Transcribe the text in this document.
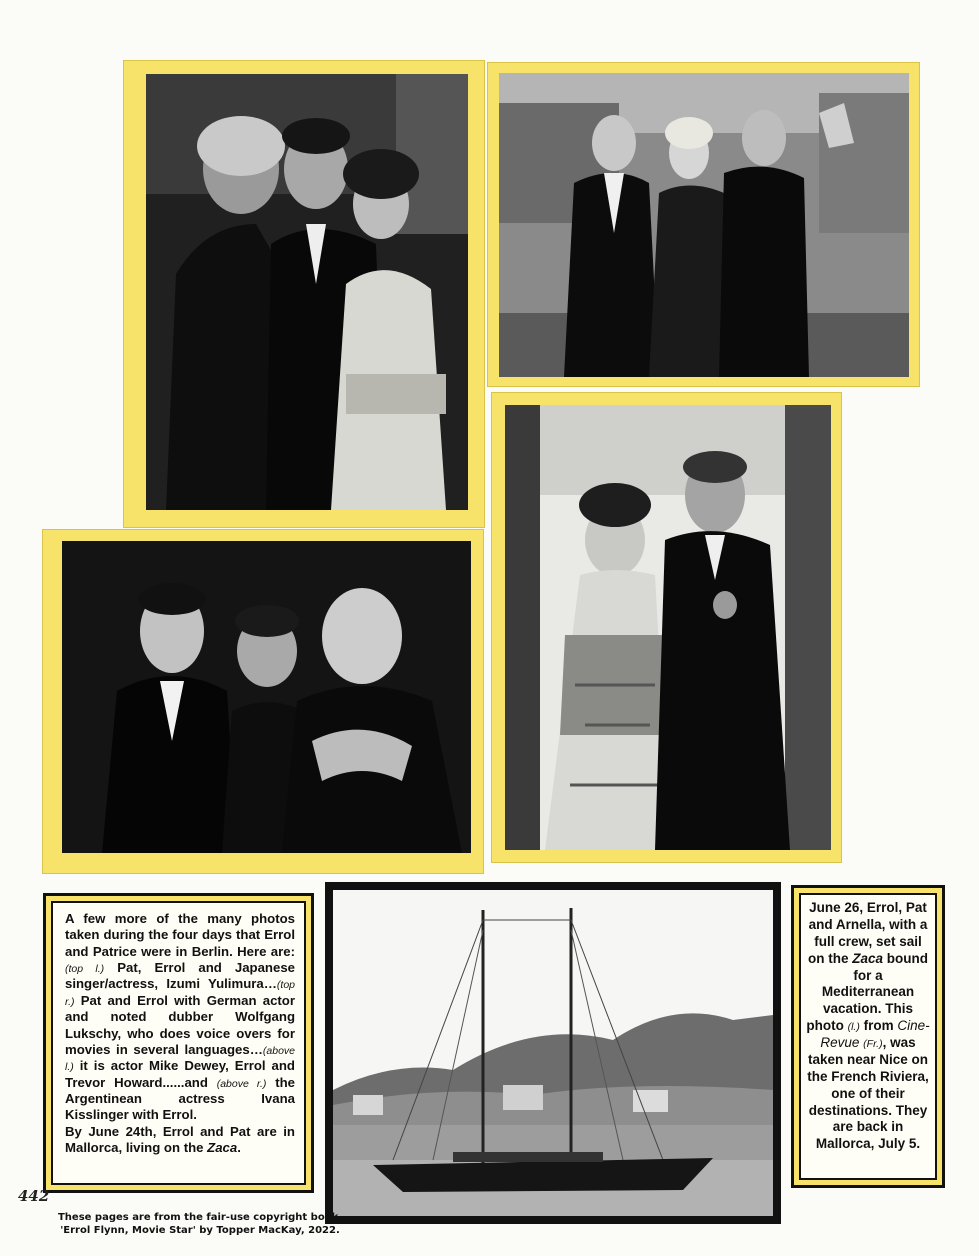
A few more of the many photos taken during the four days that Errol and Patrice were in Berlin. Here are: (top l.) Pat, Errol and Japanese singer/actress, Izumi Yulimura…(top r.) Pat and Errol with German actor and noted dubber Wolfgang Lukschy, who does voice overs for movies in several languages…(above l.) it is actor Mike Dewey, Errol and Trevor Howard......and (above r.) the Argentinean actress Ivana Kisslinger with Errol.
By June 24th, Errol and Pat are in Mallorca, living on the Zaca.
June 26, Errol, Pat and Arnella, with a full crew, set sail on the Zaca bound for a Mediterranean vacation. This photo (l.) from Cine-Revue (Fr.), was taken near Nice on the French Riviera, one of their destinations. They are back in Mallorca, July 5.
442
These pages are from the fair-use copyright book,
'Errol Flynn, Movie Star' by Topper MacKay, 2022.
